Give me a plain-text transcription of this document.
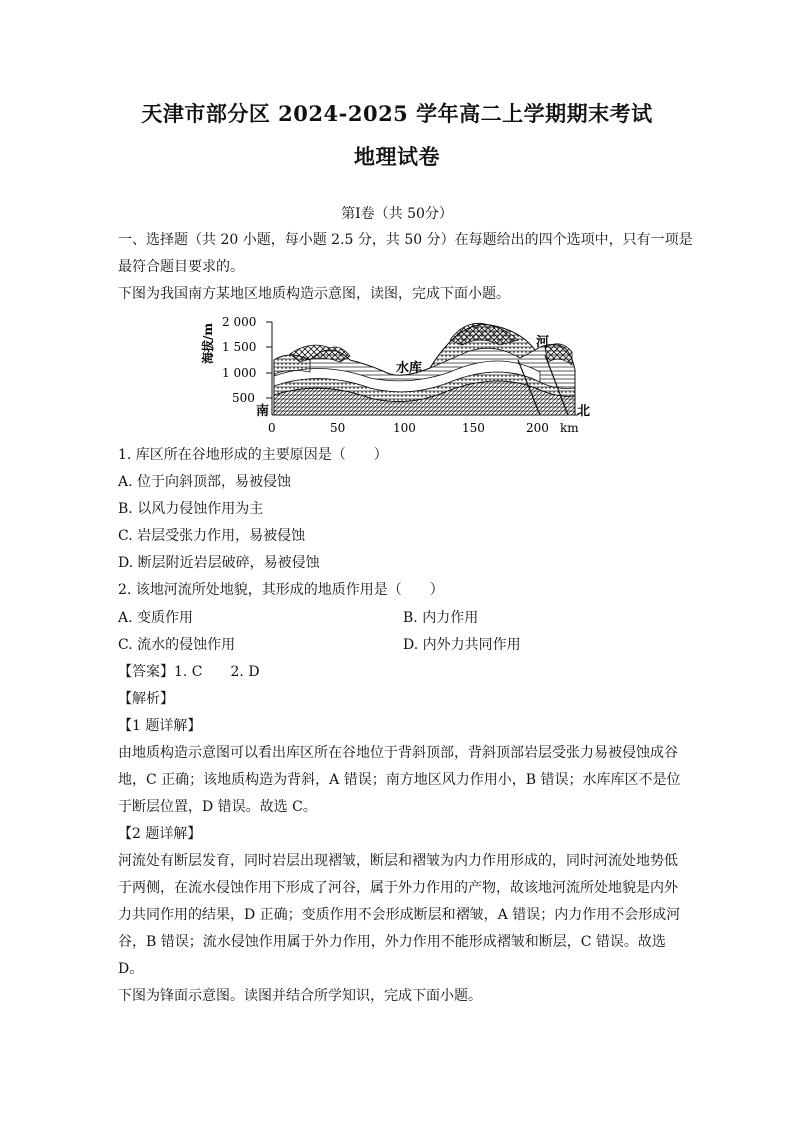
天津市部分区 2024-2025 学年高二上学期期末考试
地理试卷
第Ⅰ卷（共 50分）
一、选择题（共 20 小题，每小题 2.5 分，共 50 分）在每题给出的四个选项中，只有一项是
最符合题目要求的。
下图为我国南方某地区地质构造示意图，读图，完成下面小题。
海拔/m
2 000
1 500
1 000
500
南	北
水库
河
0	50	100	150	200 km
1. 库区所在谷地形成的主要原因是（　　）
A. 位于向斜顶部，易被侵蚀
B. 以风力侵蚀作用为主
C. 岩层受张力作用，易被侵蚀
D. 断层附近岩层破碎，易被侵蚀
2. 该地河流所处地貌，其形成的地质作用是（　　）
A. 变质作用	B. 内力作用
C. 流水的侵蚀作用	D. 内外力共同作用
【答案】1. C　　2. D
【解析】
【1 题详解】
由地质构造示意图可以看出库区所在谷地位于背斜顶部，背斜顶部岩层受张力易被侵蚀成谷
地，C 正确；该地质构造为背斜，A 错误；南方地区风力作用小，B 错误；水库库区不是位
于断层位置，D 错误。故选 C。
【2 题详解】
河流处有断层发育，同时岩层出现褶皱，断层和褶皱为内力作用形成的，同时河流处地势低
于两侧，在流水侵蚀作用下形成了河谷，属于外力作用的产物，故该地河流所处地貌是内外
力共同作用的结果，D 正确；变质作用不会形成断层和褶皱，A 错误；内力作用不会形成河
谷，B 错误；流水侵蚀作用属于外力作用，外力作用不能形成褶皱和断层，C 错误。故选
D。
下图为锋面示意图。读图并结合所学知识，完成下面小题。
